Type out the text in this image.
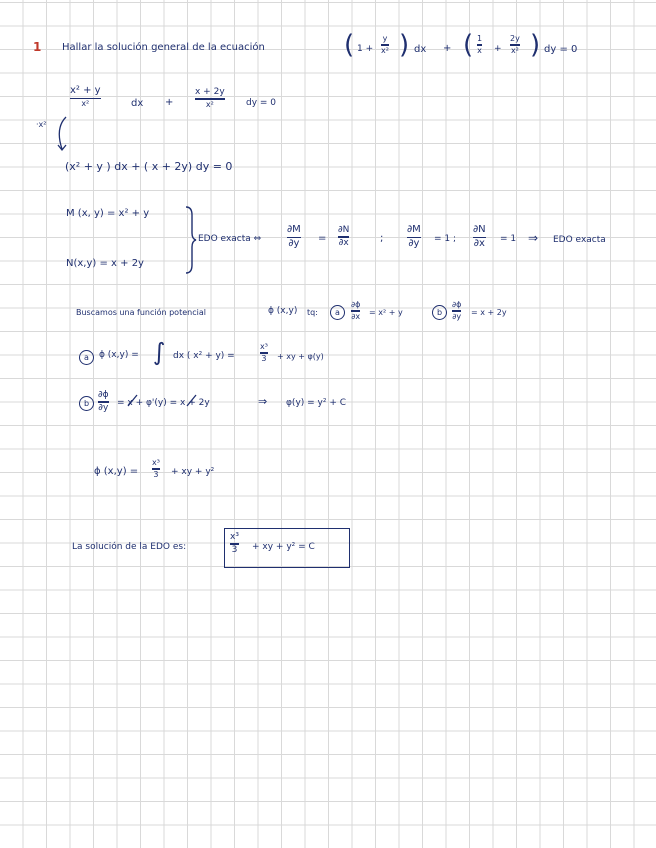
1 Hallar la solución general de la ecuación	( 1 +
y
x² ) dx + ( 1
x +
2y
x² ) dy = 0
x² + y
x²	dx +
x + 2y
x²	dy = 0
·x²
(x² + y ) dx + ( x + 2y) dy = 0
M (x, y) = x² + y
N(x,y) = x + 2y
EDO exacta ⇔
∂M
∂y =
∂N
∂x	;
∂M
∂y = 1 ;
∂N
∂x = 1 ⇒ EDO exacta
Buscamos una función potencial	ϕ (x,y) tq:	a
∂ϕ
∂x = x² + y	b
∂ϕ
∂y = x + 2y
a	ϕ (x,y) = ∫ dx ( x² + y) =
x³
3 + xy + φ(y)
b
∂ϕ
∂y = x + φ'(y) = x + 2y	⇒ φ(y) = y² + C
ϕ (x,y) =
x³
3 + xy + y²
La solución de la EDO es:
x³
3 + xy + y² = C
